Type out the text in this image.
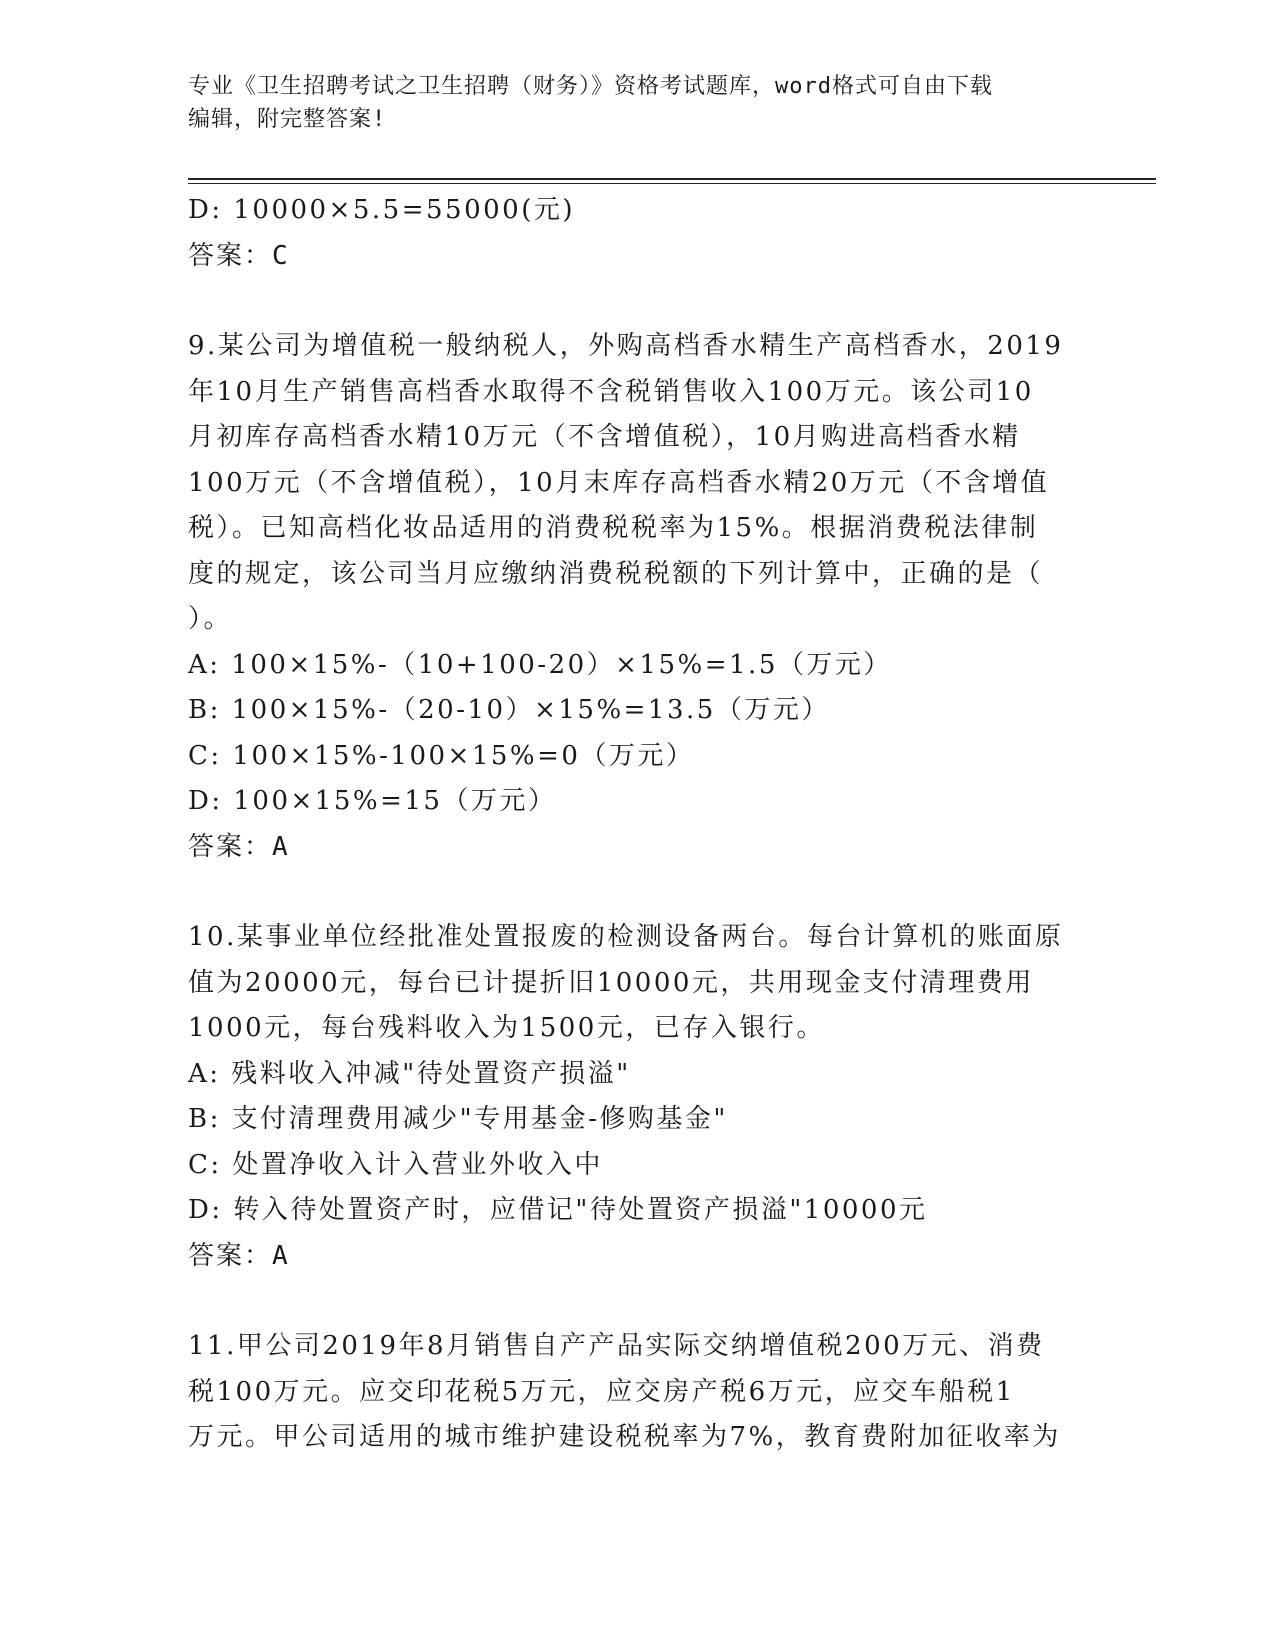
专业《卫生招聘考试之卫生招聘（财务）》资格考试题库，word格式可自由下载
编辑，附完整答案!

D: 10000×5.5=55000(元)

答案：C

9.某公司为增值税一般纳税人，外购高档香水精生产高档香水，2019

年10月生产销售高档香水取得不含税销售收入100万元。该公司10

月初库存高档香水精10万元（不含增值税），10月购进高档香水精

100万元（不含增值税），10月末库存高档香水精20万元（不含增值

税）。已知高档化妆品适用的消费税税率为15%。根据消费税法律制

度的规定，该公司当月应缴纳消费税税额的下列计算中，正确的是（

）。

A: 100×15%-（10+100-20）×15%=1.5（万元）

B: 100×15%-（20-10）×15%=13.5（万元）

C: 100×15%-100×15%=0（万元）

D: 100×15%=15（万元）

答案：A

10.某事业单位经批准处置报废的检测设备两台。每台计算机的账面原

值为20000元，每台已计提折旧10000元，共用现金支付清理费用

1000元，每台残料收入为1500元，已存入银行。

A: 残料收入冲减"待处置资产损溢"

B: 支付清理费用减少"专用基金-修购基金"

C: 处置净收入计入营业外收入中

D: 转入待处置资产时，应借记"待处置资产损溢"10000元

答案：A

11.甲公司2019年8月销售自产产品实际交纳增值税200万元、消费

税100万元。应交印花税5万元，应交房产税6万元，应交车船税1

万元。甲公司适用的城市维护建设税税率为7%，教育费附加征收率为
